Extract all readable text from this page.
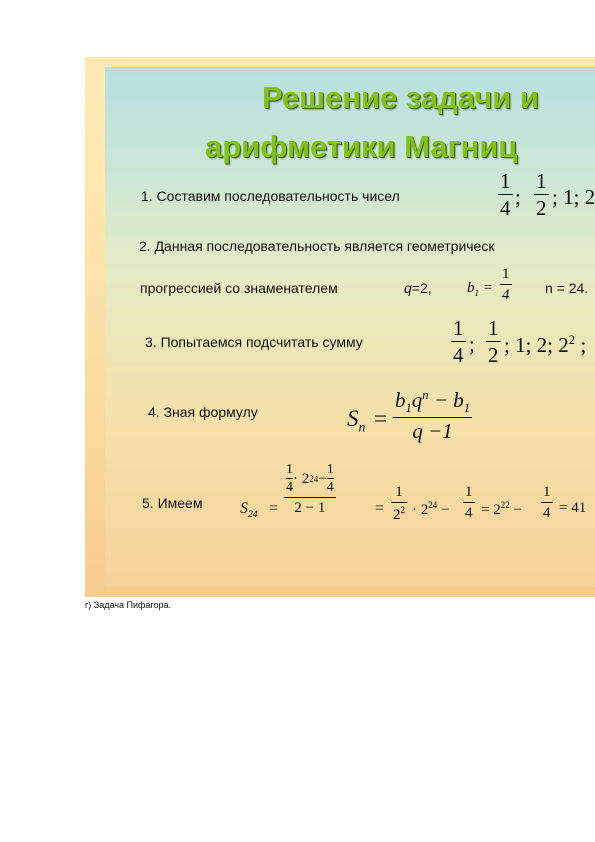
Решение задачи и
арифметики Магниц
1. Составим последовательность чисел
1
4 ;
1
2 ; 1; 2
2. Данная последовательность является геометрическ
прогрессией со знаменателем	q=2, $b_1$ =
1
4	n = 24.
3. Попытаемся подсчитать сумму
1
4 ;
1
2 ; 1; 2; $2^2$ ;
4. Зная формулу	$S_n$ =
$b_1q^n - b_1$
q −1
5. Имеем $S_{24}$ =
1
4
· 2 24 −
1
4
2 − 1	=
1
$2^2 \cdot 2^{24}$ −
1
$4 = 2^{22}$ −
1
4 = 41
г) Задача Пифагора.
